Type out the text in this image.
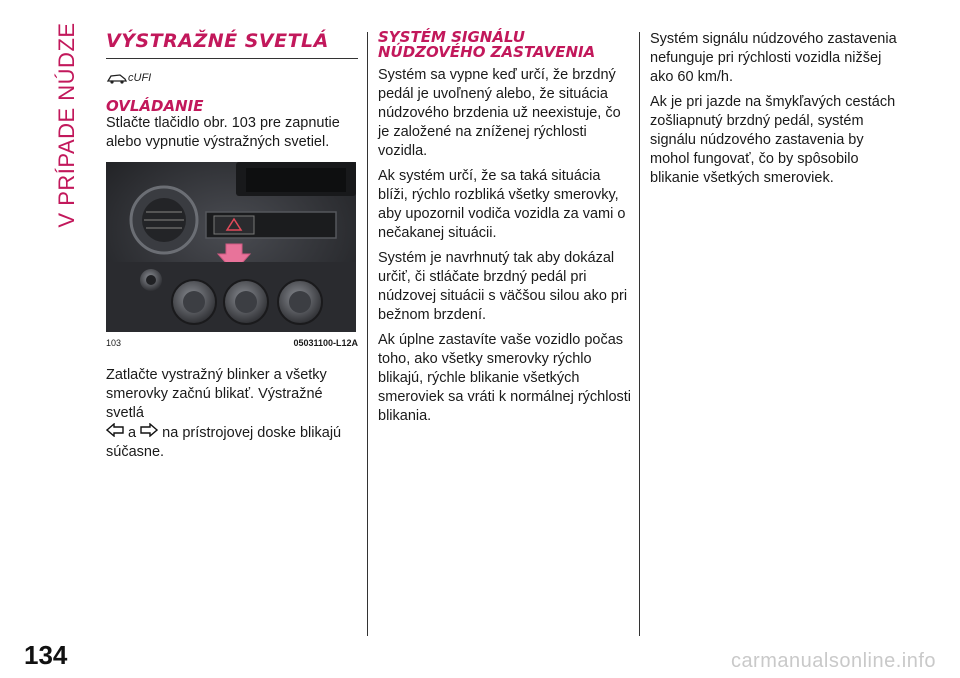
V PRÍPADE NÚDZE VÝSTRAŽNÉ SVETLÁ
cUFI
OVLÁDANIE

Stlačte tlačidlo obr. 103 pre zapnutie alebo vypnutie výstražných svetiel.

103	05031100-L12A

Zatlačte vystražný blinker a všetky
smerovky začnú blikať. Výstražné svetlá
a na prístrojovej doske blikajú
súčasne.

SYSTÉM SIGNÁLU NÚDZOVÉHO ZASTAVENIA

Systém sa vypne keď určí, že brzdný pedál je uvoľnený alebo, že situácia núdzového brzdenia už neexistuje, čo je založené na zníženej rýchlosti vozidla.

Ak systém určí, že sa taká situácia blíži, rýchlo rozbliká všetky smerovky, aby upozornil vodiča vozidla za vami o nečakanej situácii.

Systém je navrhnutý tak aby dokázal určiť, či stláčate brzdný pedál pri núdzovej situácii s väčšou silou ako pri bežnom brzdení.

Ak úplne zastavíte vaše vozidlo počas toho, ako všetky smerovky rýchlo blikajú, rýchle blikanie všetkých smeroviek sa vráti k normálnej rýchlosti blikania.

Systém signálu núdzového zastavenia nefunguje pri rýchlosti vozidla nižšej ako 60 km/h.

Ak je pri jazde na šmykľavých cestách zošliapnutý brzdný pedál, systém signálu núdzového zastavenia by mohol fungovať, čo by spôsobilo blikanie všetkých smeroviek.

134	carmanualsonline.info
